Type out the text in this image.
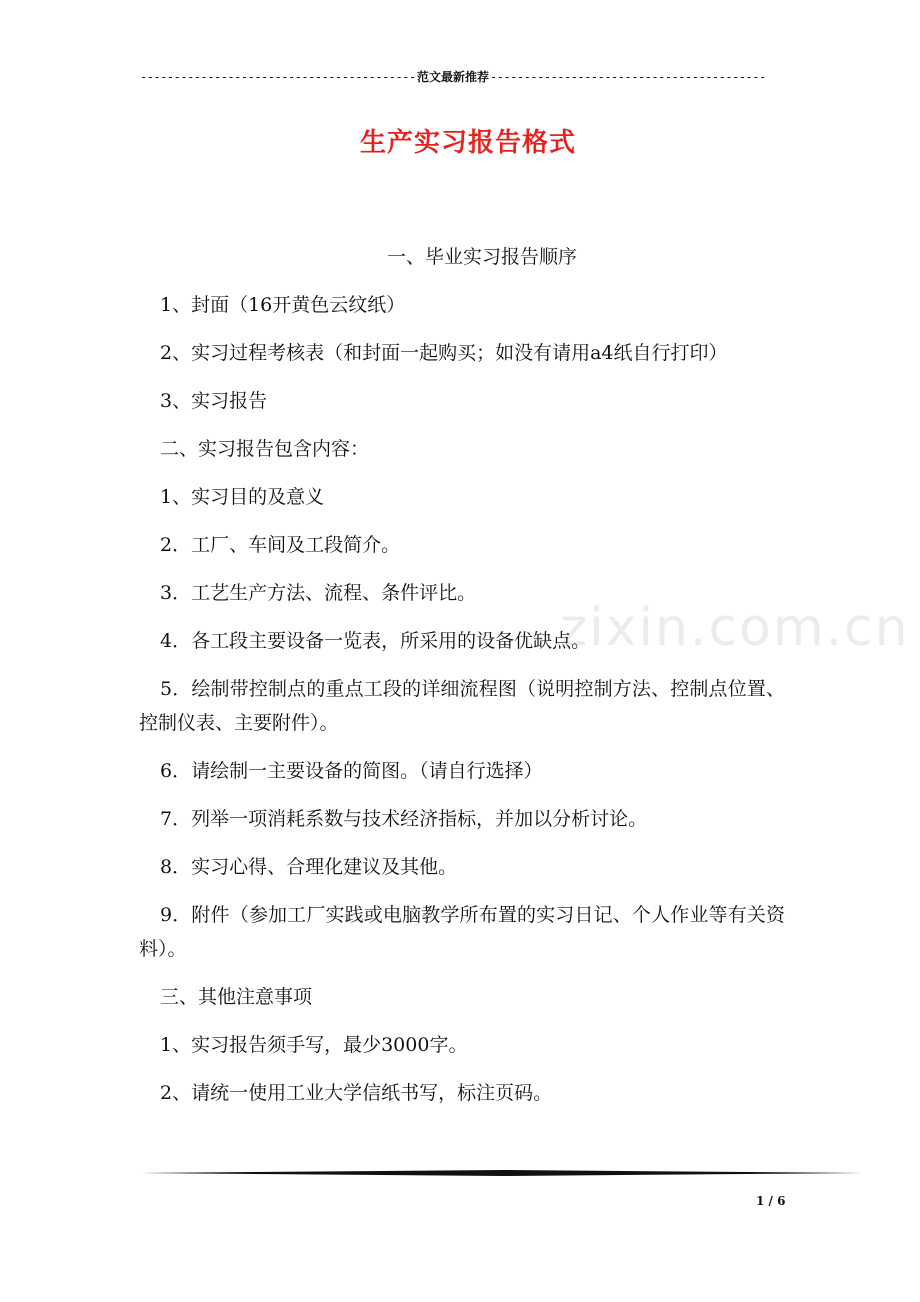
-----
范文最新推荐
-----
生产实习报告格式
zixin.com.cn

一、毕业实习报告顺序

1、封面（16开黄色云纹纸）

2、实习过程考核表（和封面一起购买；如没有请用a4纸自行打印）

3、实习报告

二、实习报告包含内容：

1、实习目的及意义

2．工厂、车间及工段简介。

3．工艺生产方法、流程、条件评比。

4．各工段主要设备一览表，所采用的设备优缺点。

5．绘制带控制点的重点工段的详细流程图（说明控制方法、控制点位置、控制仪表、主要附件）。

6．请绘制一主要设备的简图。（请自行选择）

7．列举一项消耗系数与技术经济指标，并加以分析讨论。

8．实习心得、合理化建议及其他。

9．附件（参加工厂实践或电脑教学所布置的实习日记、个人作业等有关资料）。

三、其他注意事项

1、实习报告须手写，最少3000字。

2、请统一使用工业大学信纸书写，标注页码。

1 / 6
